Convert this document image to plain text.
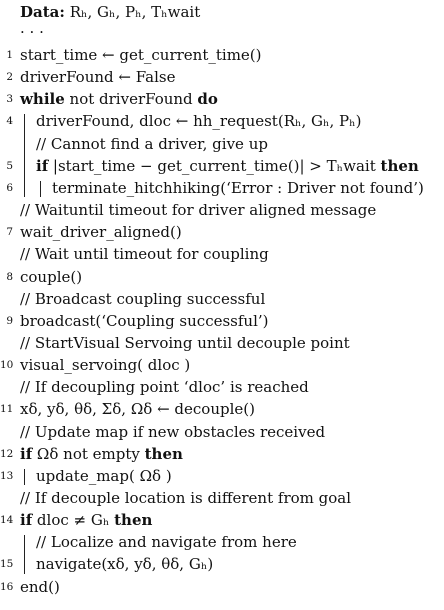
Data: Rₕ, Gₕ, Pₕ, Tₕwait
· · ·
1 start_time ← get_current_time()
2 driverFound ← False
3 while not driverFound do
4 driverFound, dloc ← hh_request(Rₕ, Gₕ, Pₕ)
// Cannot find a driver, give up
5 if |start_time − get_current_time()| > Tₕwait then
6	terminate_hitchhiking(‘Error : Driver not found’)
// Waituntil timeout for driver aligned message
7 wait_driver_aligned()
// Wait until timeout for coupling
8 couple()
// Broadcast coupling successful
9 broadcast(‘Coupling successful’)
// StartVisual Servoing until decouple point
10 visual_servoing( dloc )
// If decoupling point ‘dloc’ is reached
11 xδ, yδ, θδ, Σδ, Ωδ ← decouple()
// Update map if new obstacles received
12 if Ωδ not empty then
13 update_map( Ωδ )
// If decouple location is different from goal
14 if dloc ≠ Gₕ then
// Localize and navigate from here
15 navigate(xδ, yδ, θδ, Gₕ)
16 end()
